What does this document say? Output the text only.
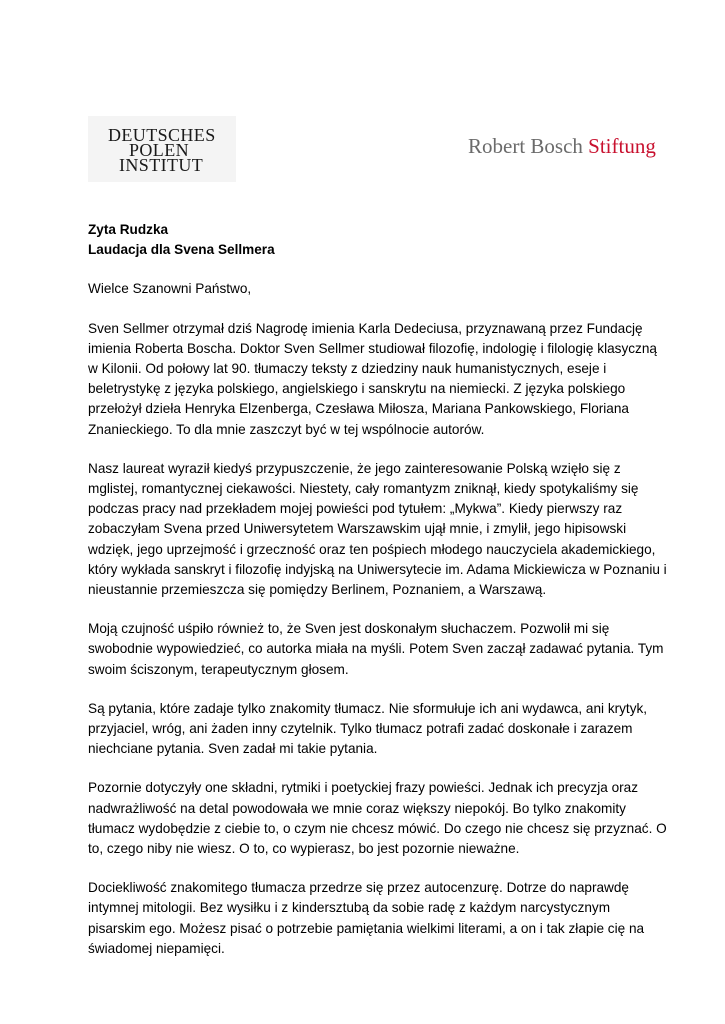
DEUTSCHES
POLEN
INSTITUT
Robert Bosch Stiftung

Zyta Rudzka

Laudacja dla Svena Sellmera

Wielce Szanowni Państwo,

Sven Sellmer otrzymał dziś Nagrodę imienia Karla Dedeciusa, przyznawaną przez Fundację imienia Roberta Boscha. Doktor Sven Sellmer studiował filozofię, indologię i filologię klasyczną w Kilonii. Od połowy lat 90. tłumaczy teksty z dziedziny nauk humanistycznych, eseje i beletrystykę z języka polskiego, angielskiego i sanskrytu na niemiecki. Z języka polskiego przełożył dzieła Henryka Elzenberga, Czesława Miłosza, Mariana Pankowskiego, Floriana Znanieckiego. To dla mnie zaszczyt być w tej wspólnocie autorów.

Nasz laureat wyraził kiedyś przypuszczenie, że jego zainteresowanie Polską wzięło się z mglistej, romantycznej ciekawości. Niestety, cały romantyzm zniknął, kiedy spotykaliśmy się podczas pracy nad przekładem mojej powieści pod tytułem: „Mykwa”. Kiedy pierwszy raz zobaczyłam Svena przed Uniwersytetem Warszawskim ujął mnie, i zmylił, jego hipisowski wdzięk, jego uprzejmość i grzeczność oraz ten pośpiech młodego nauczyciela akademickiego, który wykłada sanskryt i filozofię indyjską na Uniwersytecie im. Adama Mickiewicza w Poznaniu i nieustannie przemieszcza się pomiędzy Berlinem, Poznaniem, a Warszawą.

Moją czujność uśpiło również to, że Sven jest doskonałym słuchaczem. Pozwolił mi się swobodnie wypowiedzieć, co autorka miała na myśli. Potem Sven zaczął zadawać pytania. Tym swoim ściszonym, terapeutycznym głosem.

Są pytania, które zadaje tylko znakomity tłumacz. Nie sformułuje ich ani wydawca, ani krytyk, przyjaciel, wróg, ani żaden inny czytelnik. Tylko tłumacz potrafi zadać doskonałe i zarazem niechciane pytania. Sven zadał mi takie pytania.

Pozornie dotyczyły one składni, rytmiki i poetyckiej frazy powieści. Jednak ich precyzja oraz nadwrażliwość na detal powodowała we mnie coraz większy niepokój. Bo tylko znakomity tłumacz wydobędzie z ciebie to, o czym nie chcesz mówić. Do czego nie chcesz się przyznać. O to, czego niby nie wiesz. O to, co wypierasz, bo jest pozornie nieważne.

Dociekliwość znakomitego tłumacza przedrze się przez autocenzurę. Dotrze do naprawdę intymnej mitologii. Bez wysiłku i z kindersztubą da sobie radę z każdym narcystycznym pisarskim ego. Możesz pisać o potrzebie pamiętania wielkimi literami, a on i tak złapie cię na świadomej niepamięci.
